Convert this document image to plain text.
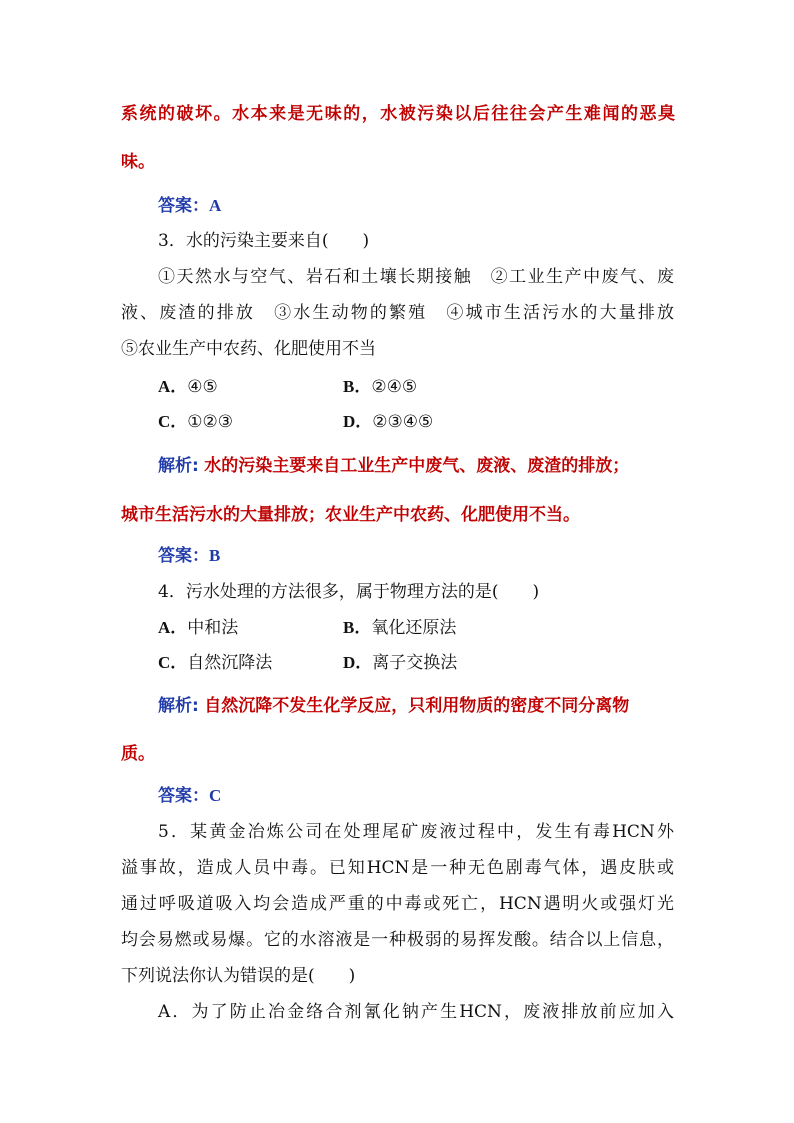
系统的破坏。水本来是无味的，水被污染以后往往会产生难闻的恶臭
味。
答案：A
3．水的污染主要来自(　　)
①天然水与空气、岩石和土壤长期接触　②工业生产中废气、废
液、废渣的排放　③水生动物的繁殖　④城市生活污水的大量排放
⑤农业生产中农药、化肥使用不当
A．④⑤	B．②④⑤
C．①②③	D．②③④⑤
解析: 水的污染主要来自工业生产中废气、废液、废渣的排放；
城市生活污水的大量排放；农业生产中农药、化肥使用不当。
答案：B
4．污水处理的方法很多，属于物理方法的是(　　)
A．中和法	B．氧化还原法
C．自然沉降法	D．离子交换法
解析: 自然沉降不发生化学反应，只利用物质的密度不同分离物
质。
答案：C
5．某黄金冶炼公司在处理尾矿废液过程中，发生有毒HCN外
溢事故，造成人员中毒。已知HCN是一种无色剧毒气体，遇皮肤或
通过呼吸道吸入均会造成严重的中毒或死亡，HCN遇明火或强灯光
均会易燃或易爆。它的水溶液是一种极弱的易挥发酸。结合以上信息，
下列说法你认为错误的是(　　)
A．为了防止冶金络合剂氰化钠产生HCN，废液排放前应加入
